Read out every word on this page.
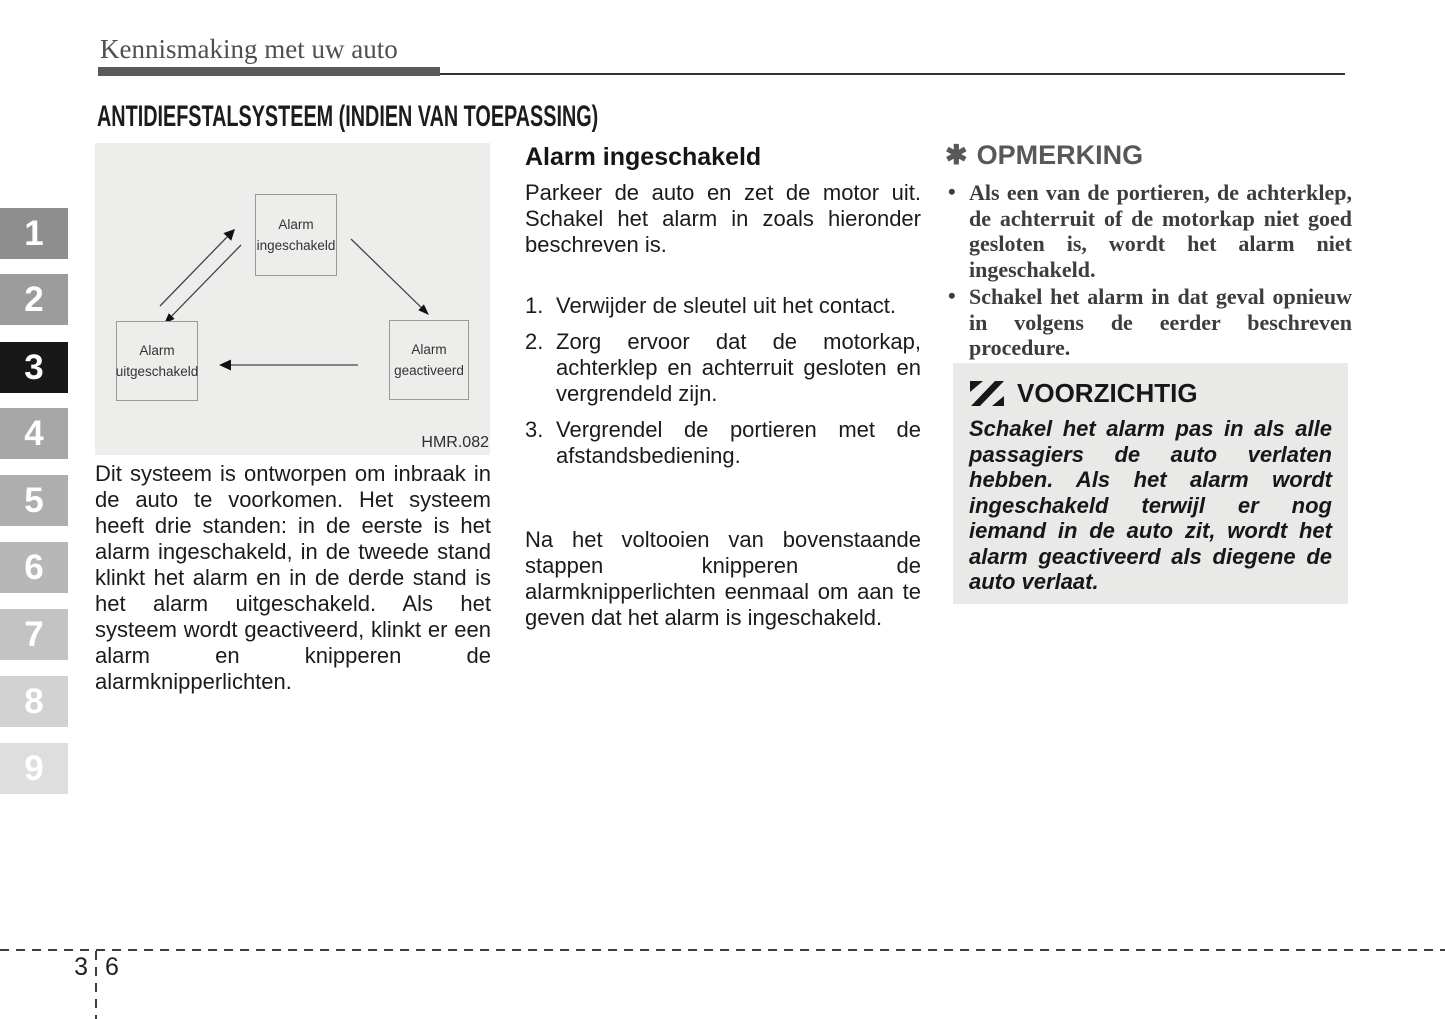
Kennismaking met uw auto
1
2
3
4
5
6
7
8
9
ANTIDIEFSTALSYSTEEM (INDIEN VAN TOEPASSING)
Alarm
ingeschakeld
Alarm
uitgeschakeld
Alarm
geactiveerd
HMR.082
Dit systeem is ontworpen om inbraak in de auto te voorkomen. Het systeem heeft drie standen: in de eerste is het alarm ingeschakeld, in de tweede stand klinkt het alarm en in de derde stand is het alarm uitgeschakeld. Als het systeem wordt geactiveerd, klinkt er een alarm en knipperen de alarmknipperlichten.
Alarm ingeschakeld
Parkeer de auto en zet de motor uit. Schakel het alarm in zoals hieronder beschreven is.
1. Verwijder de sleutel uit het contact.
2. Zorg ervoor dat de motorkap, achterklep en achterruit gesloten en vergrendeld zijn.
3. Vergrendel de portieren met de afstandsbediening.
Na het voltooien van bovenstaande stappen knipperen de alarmknipperlichten eenmaal om aan te geven dat het alarm is ingeschakeld.
✱ OPMERKING
• Als een van de portieren, de achterklep, de achterruit of de motorkap niet goed gesloten is, wordt het alarm niet ingeschakeld.
• Schakel het alarm in dat geval opnieuw in volgens de eerder beschreven procedure.
VOORZICHTIG
Schakel het alarm pas in als alle passagiers de auto verlaten hebben. Als het alarm wordt ingeschakeld terwijl er nog iemand in de auto zit, wordt het alarm geactiveerd als diegene de auto verlaat.
3 6
